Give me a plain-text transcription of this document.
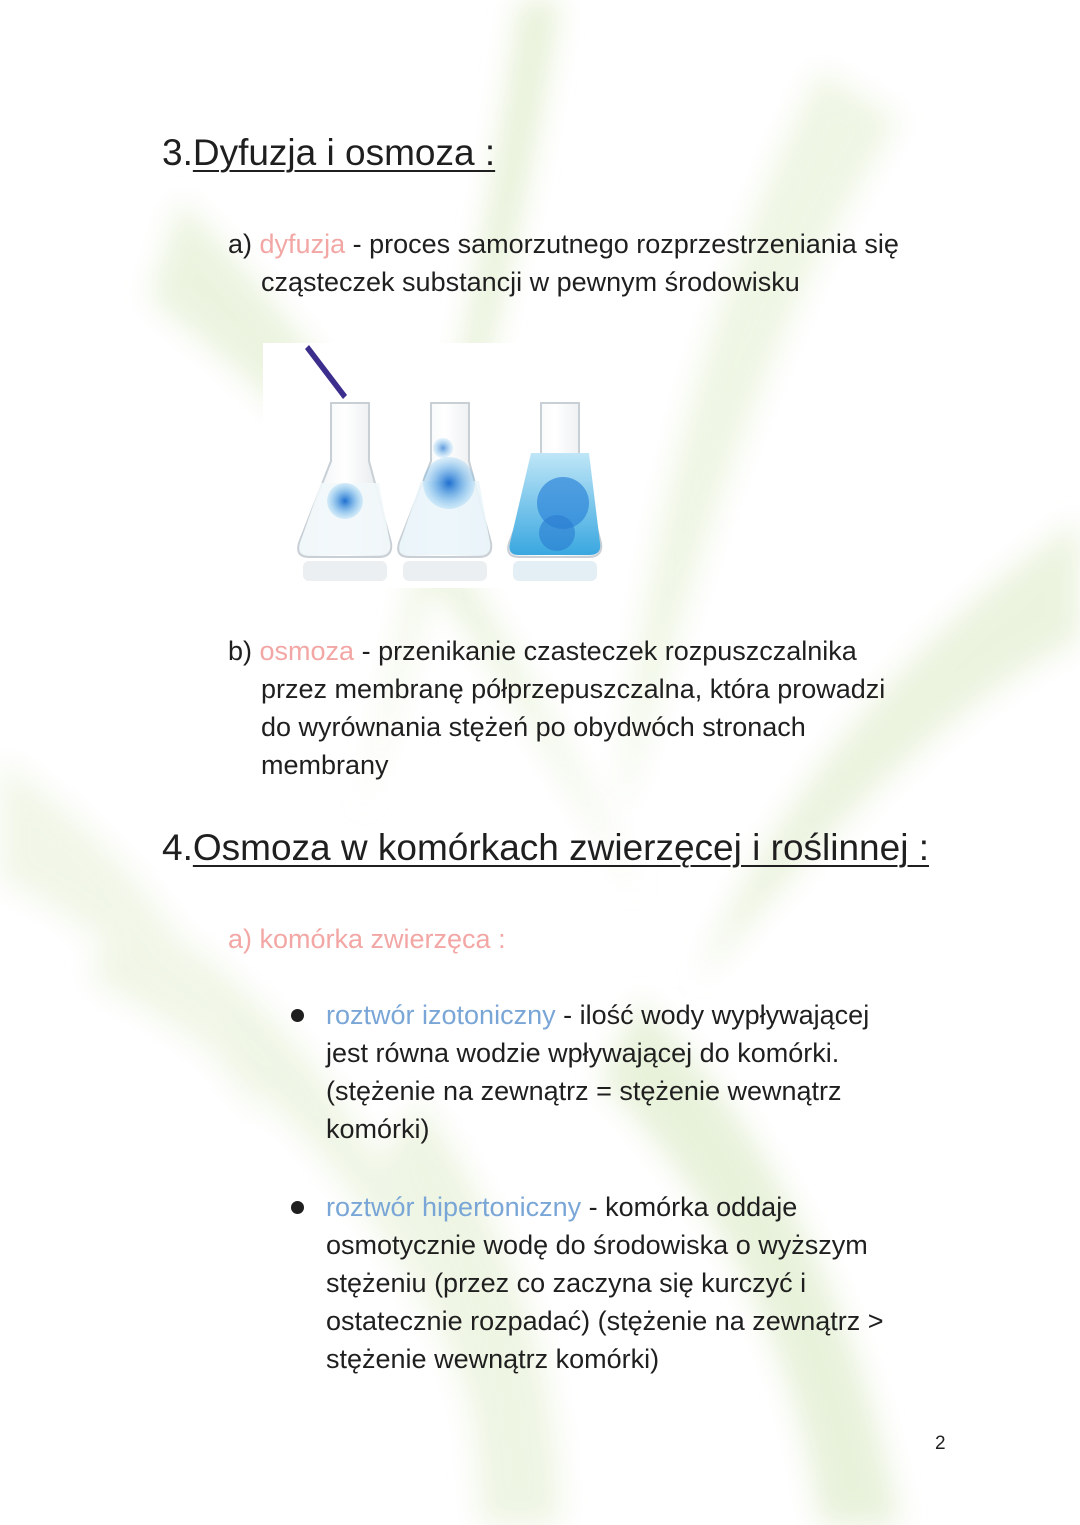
3.Dyfuzja i osmoza :
a) dyfuzja - proces samorzutnego rozprzestrzeniania się
cząsteczek substancji w pewnym środowisku
b) osmoza - przenikanie czasteczek rozpuszczalnika
przez membranę półprzepuszczalna, która prowadzi
do wyrównania stężeń po obydwóch stronach
membrany
4.Osmoza w komórkach zwierzęcej i roślinnej :
a) komórka zwierzęca :
roztwór izotoniczny - ilość wody wypływającej
jest równa wodzie wpływającej do komórki.
(stężenie na zewnątrz = stężenie wewnątrz
komórki)
roztwór hipertoniczny - komórka oddaje
osmotycznie wodę do środowiska o wyższym
stężeniu (przez co zaczyna się kurczyć i
ostatecznie rozpadać) (stężenie na zewnątrz >
stężenie wewnątrz komórki)
2
